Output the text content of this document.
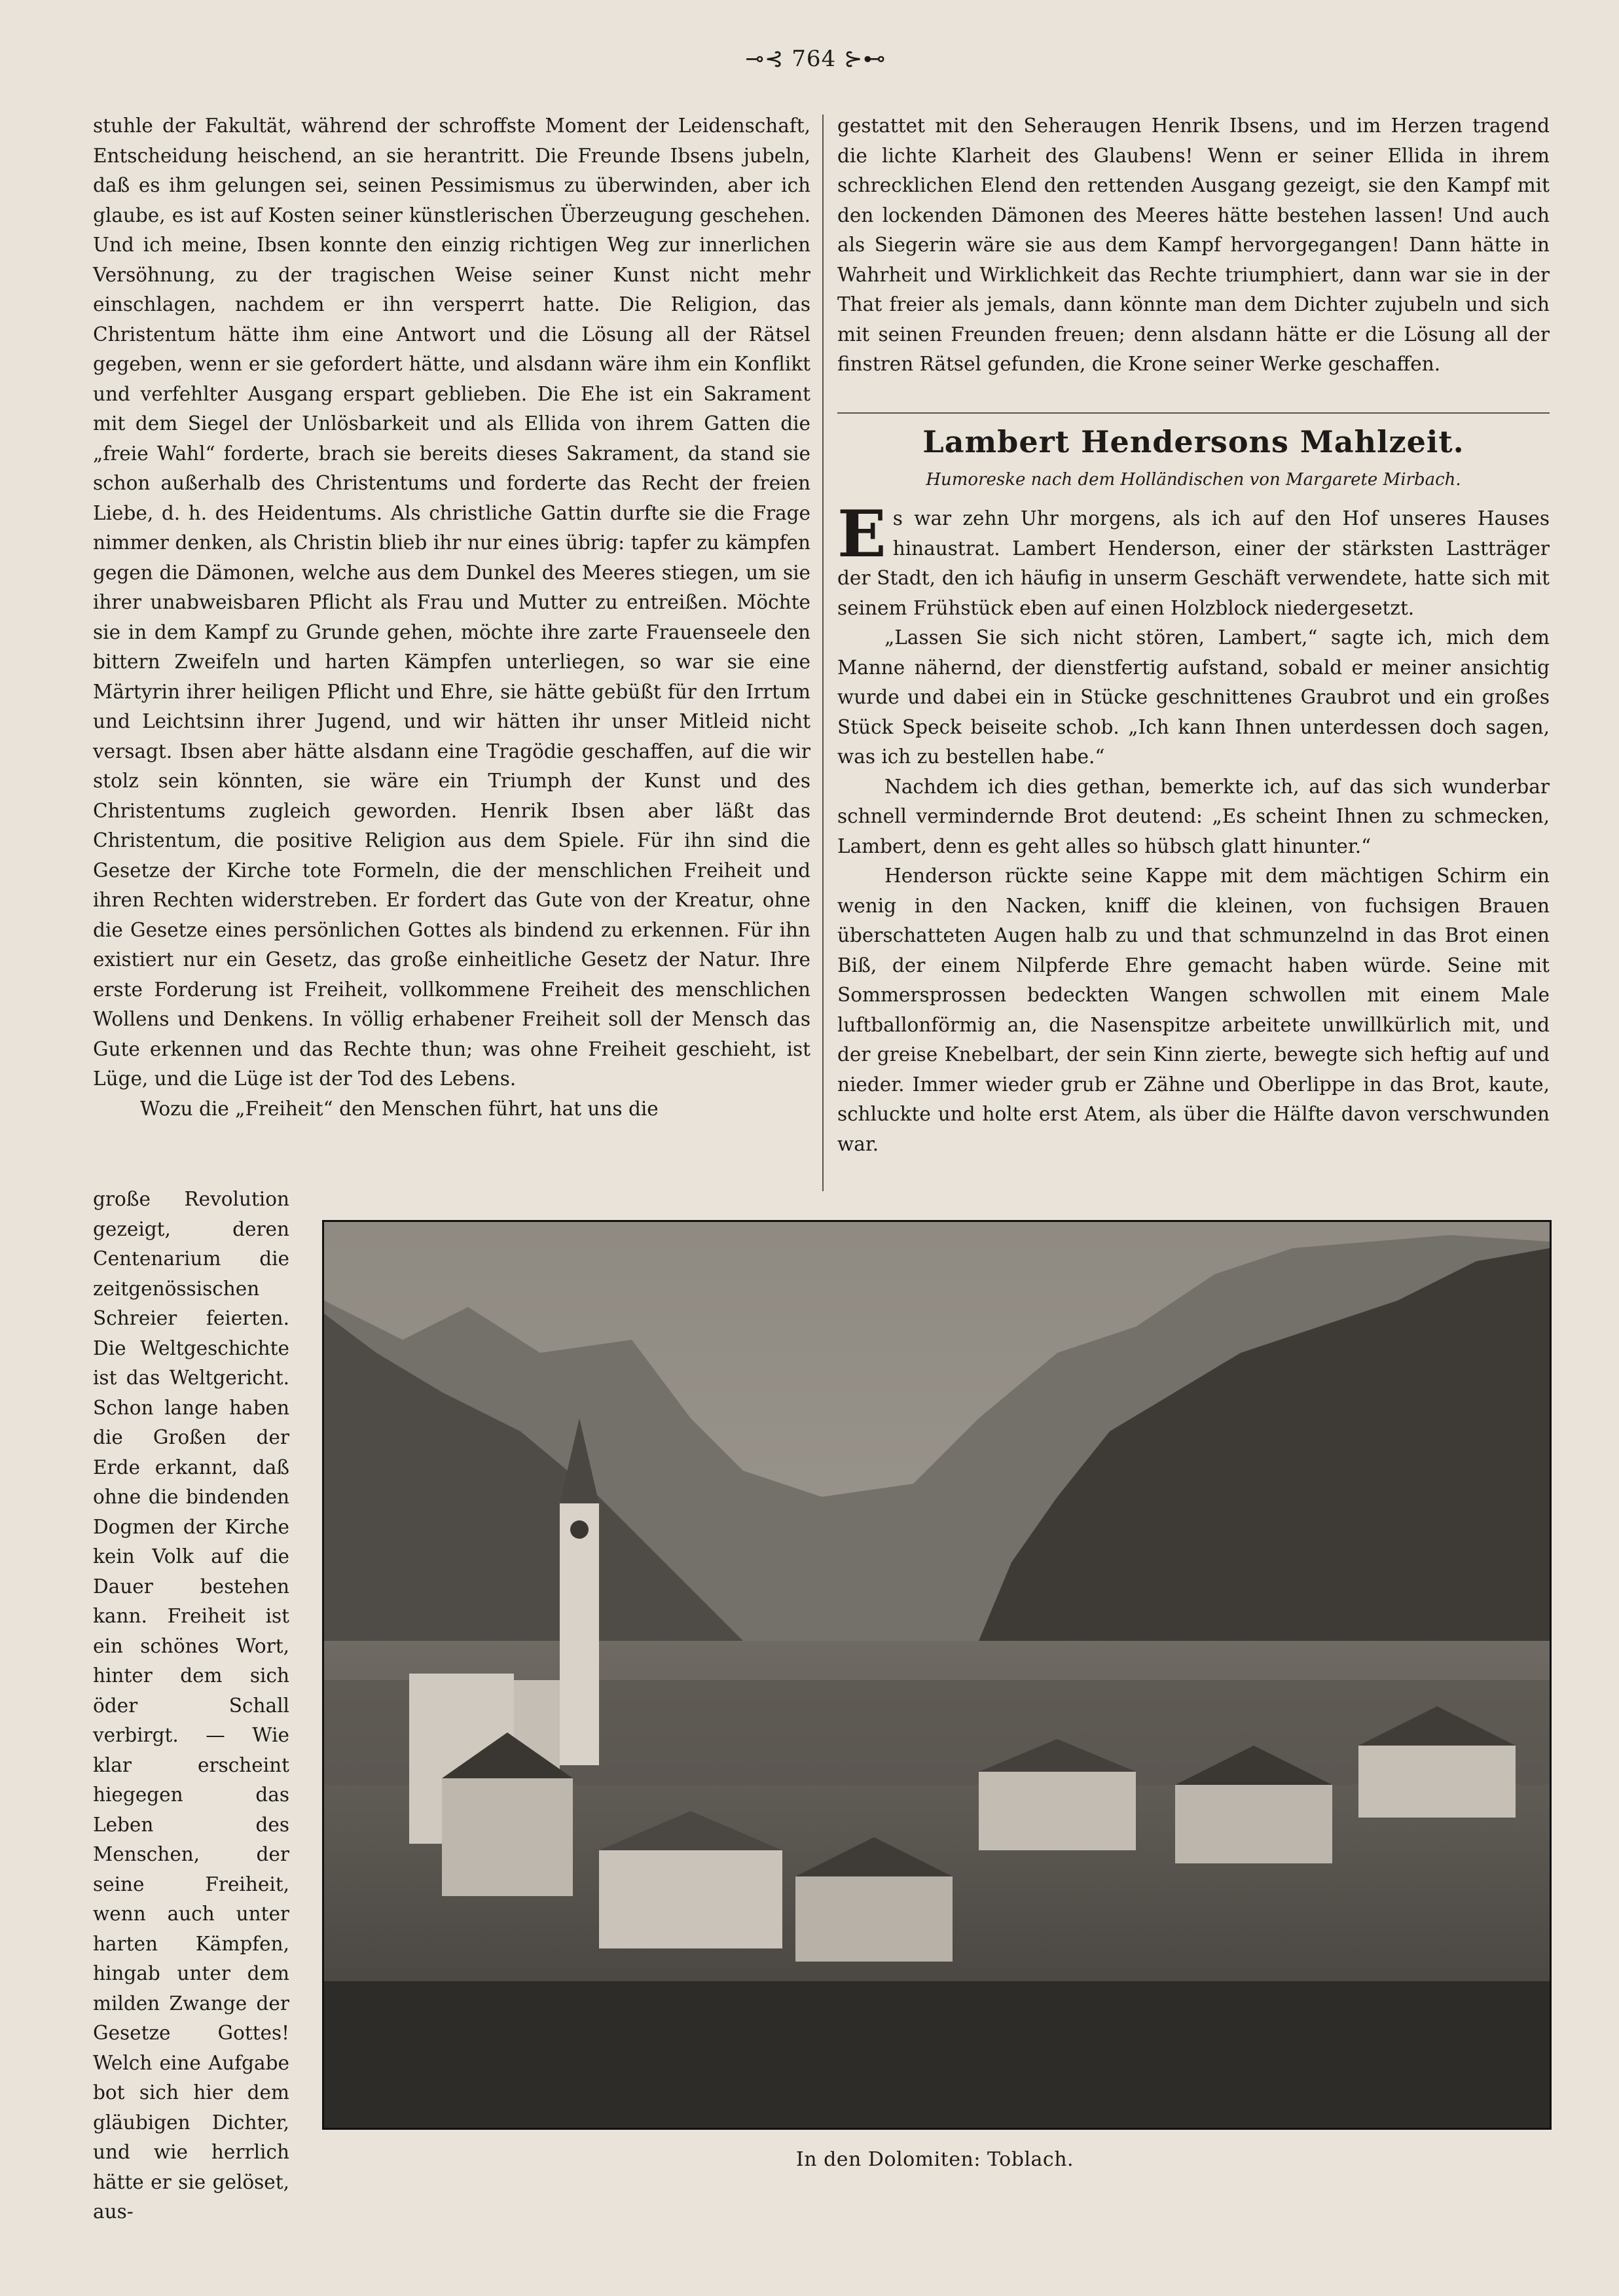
⊸⊰ 764 ⊱⊷

stuhle der Fakultät, während der schroffste Moment der Leidenschaft, Entscheidung heischend, an sie herantritt. Die Freunde Ibsens jubeln, daß es ihm gelungen sei, seinen Pessimismus zu überwinden, aber ich glaube, es ist auf Kosten seiner künstlerischen Überzeugung geschehen. Und ich meine, Ibsen konnte den einzig richtigen Weg zur innerlichen Versöhnung, zu der tragischen Weise seiner Kunst nicht mehr einschlagen, nachdem er ihn versperrt hatte. Die Religion, das Christentum hätte ihm eine Antwort und die Lösung all der Rätsel gegeben, wenn er sie gefordert hätte, und alsdann wäre ihm ein Konflikt und verfehlter Ausgang erspart geblieben. Die Ehe ist ein Sakrament mit dem Siegel der Unlösbarkeit und als Ellida von ihrem Gatten die „freie Wahl“ forderte, brach sie bereits dieses Sakrament, da stand sie schon außerhalb des Christentums und forderte das Recht der freien Liebe, d. h. des Heidentums. Als christliche Gattin durfte sie die Frage nimmer denken, als Christin blieb ihr nur eines übrig: tapfer zu kämpfen gegen die Dämonen, welche aus dem Dunkel des Meeres stiegen, um sie ihrer unabweisbaren Pflicht als Frau und Mutter zu entreißen. Möchte sie in dem Kampf zu Grunde gehen, möchte ihre zarte Frauenseele den bittern Zweifeln und harten Kämpfen unterliegen, so war sie eine Märtyrin ihrer heiligen Pflicht und Ehre, sie hätte gebüßt für den Irrtum und Leichtsinn ihrer Jugend, und wir hätten ihr unser Mitleid nicht versagt. Ibsen aber hätte alsdann eine Tragödie geschaffen, auf die wir stolz sein könnten, sie wäre ein Triumph der Kunst und des Christentums zugleich geworden. Henrik Ibsen aber läßt das Christentum, die positive Religion aus dem Spiele. Für ihn sind die Gesetze der Kirche tote Formeln, die der menschlichen Freiheit und ihren Rechten widerstreben. Er fordert das Gute von der Kreatur, ohne die Gesetze eines persönlichen Gottes als bindend zu erkennen. Für ihn existiert nur ein Gesetz, das große einheitliche Gesetz der Natur. Ihre erste Forderung ist Freiheit, vollkommene Freiheit des menschlichen Wollens und Denkens. In völlig erhabener Freiheit soll der Mensch das Gute erkennen und das Rechte thun; was ohne Freiheit geschieht, ist Lüge, und die Lüge ist der Tod des Lebens.

Wozu die „Freiheit“ den Menschen führt, hat uns die

große Revolution gezeigt, deren Centenarium die zeitgenössischen Schreier feierten. Die Weltgeschichte ist das Weltgericht. Schon lange haben die Großen der Erde erkannt, daß ohne die bindenden Dogmen der Kirche kein Volk auf die Dauer bestehen kann. Freiheit ist ein schönes Wort, hinter dem sich öder Schall verbirgt. — Wie klar erscheint hiegegen das Leben des Menschen, der seine Freiheit, wenn auch unter harten Kämpfen, hingab unter dem milden Zwange der Gesetze Gottes! Welch eine Aufgabe bot sich hier dem gläubigen Dichter, und wie herrlich hätte er sie gelöset, aus-

gestattet mit den Seheraugen Henrik Ibsens, und im Herzen tragend die lichte Klarheit des Glaubens! Wenn er seiner Ellida in ihrem schrecklichen Elend den rettenden Ausgang gezeigt, sie den Kampf mit den lockenden Dämonen des Meeres hätte bestehen lassen! Und auch als Siegerin wäre sie aus dem Kampf hervorgegangen! Dann hätte in Wahrheit und Wirklichkeit das Rechte triumphiert, dann war sie in der That freier als jemals, dann könnte man dem Dichter zujubeln und sich mit seinen Freunden freuen; denn alsdann hätte er die Lösung all der finstren Rätsel gefunden, die Krone seiner Werke geschaffen.

Lambert Hendersons Mahlzeit.
Humoreske nach dem Holländischen von Margarete Mirbach.

Es war zehn Uhr morgens, als ich auf den Hof unseres Hauses hinaustrat. Lambert Henderson, einer der stärksten Lastträger der Stadt, den ich häufig in unserm Geschäft verwendete, hatte sich mit seinem Frühstück eben auf einen Holzblock niedergesetzt.

„Lassen Sie sich nicht stören, Lambert,“ sagte ich, mich dem Manne nähernd, der dienstfertig aufstand, sobald er meiner ansichtig wurde und dabei ein in Stücke geschnittenes Graubrot und ein großes Stück Speck beiseite schob. „Ich kann Ihnen unterdessen doch sagen, was ich zu bestellen habe.“

Nachdem ich dies gethan, bemerkte ich, auf das sich wunderbar schnell vermindernde Brot deutend: „Es scheint Ihnen zu schmecken, Lambert, denn es geht alles so hübsch glatt hinunter.“

Henderson rückte seine Kappe mit dem mächtigen Schirm ein wenig in den Nacken, kniff die kleinen, von fuchsigen Brauen überschatteten Augen halb zu und that schmunzelnd in das Brot einen Biß, der einem Nilpferde Ehre gemacht haben würde. Seine mit Sommersprossen bedeckten Wangen schwollen mit einem Male luftballonförmig an, die Nasenspitze arbeitete unwillkürlich mit, und der greise Knebelbart, der sein Kinn zierte, bewegte sich heftig auf und nieder. Immer wieder grub er Zähne und Oberlippe in das Brot, kaute, schluckte und holte erst Atem, als über die Hälfte davon verschwunden war.

In den Dolomiten: Toblach.
